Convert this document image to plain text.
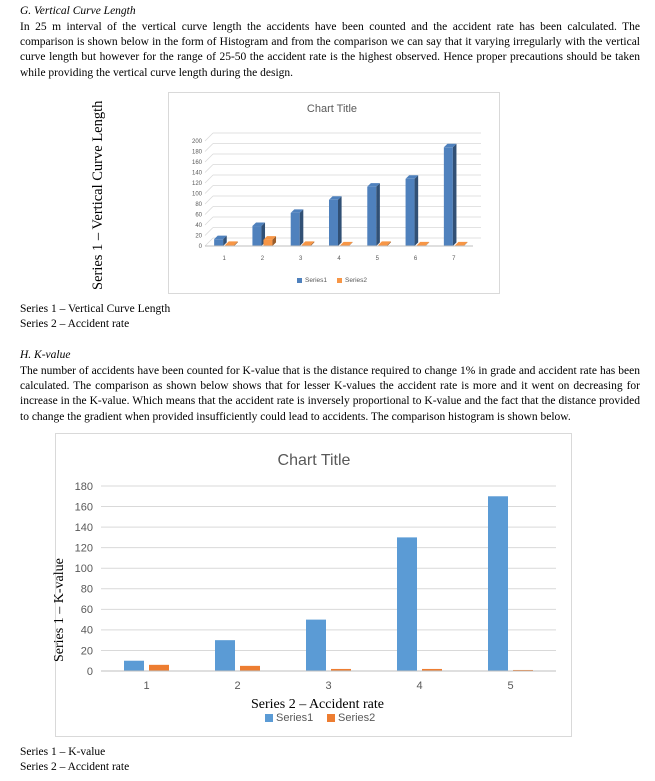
G. Vertical Curve Length
In 25 m interval of the vertical curve length the accidents have been counted and the accident rate has been calculated. The comparison is shown below in the form of Histogram and from the comparison we can say that it varying irregularly with the vertical curve length but however for the range of 25-50 the accident rate is the highest observed. Hence proper precautions should be taken while providing the vertical curve length during the design.
Series 1 – Vertical Curve Length	Chart Title
0
20
40
60
80
100
120
140
160
180
200
1	2	3	4	5	6	7
Series1	Series2
Series 1 – Vertical Curve Length
Series 2 – Accident rate
H. K-value
The number of accidents have been counted for K-value that is the distance required to change 1% in grade and accident rate has been calculated. The comparison as shown below shows that for lesser K-values the accident rate is more and it went on decreasing for increase in the K-value. Which means that the accident rate is inversely proportional to K-value and the fact that the distance provided to change the gradient when provided insufficiently could lead to accidents. The comparison histogram is shown below.
Chart Title
0
20
40
60
80
100
120
140
160
180
1	2	3	4	5
Series1 Series2
Series 1 – K-value
Series 2 – Accident rate
Series 1 – K-value
Series 2 – Accident rate
